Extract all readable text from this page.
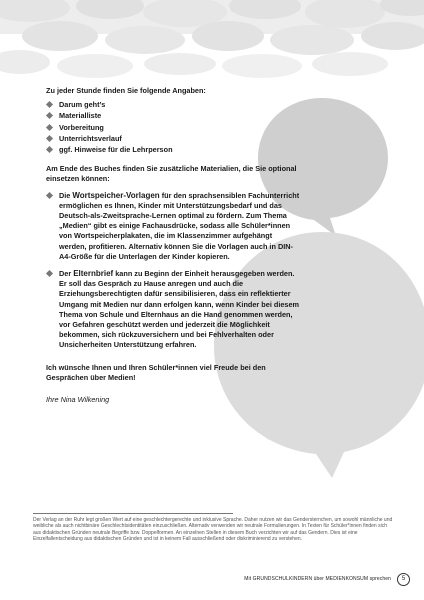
Zu jeder Stunde finden Sie folgende Angaben:

Darum geht’s
Materialliste
Vorbereitung
Unterrichtsverlauf
ggf. Hinweise für die Lehrperson

Am Ende des Buches finden Sie zusätzliche Materialien, die Sie optional einsetzen können:

Die Wortspeicher-Vorlagen für den sprachsensiblen Fachunterricht ermöglichen es Ihnen, Kinder mit Unterstützungsbedarf und das Deutsch-als-Zweitsprache-Lernen optimal zu fördern. Zum Thema „Medien“ gibt es einige Fachausdrücke, sodass alle Schüler*innen von Wortspeicherplakaten, die im Klassenzimmer aufgehängt werden, profitieren. Alternativ können Sie die Vorlagen auch in DIN-A4-Größe für die Unterlagen der Kinder kopieren.
Der Elternbrief kann zu Beginn der Einheit herausgegeben werden. Er soll das Gespräch zu Hause anregen und auch die Erziehungsberechtigten dafür sensibilisieren, dass ein reflektierter Umgang mit Medien nur dann erfolgen kann, wenn Kinder bei diesem Thema von Schule und Elternhaus an die Hand genommen werden, vor Gefahren geschützt werden und jederzeit die Möglichkeit bekommen, sich rückzuversichern und bei Fehlverhalten oder Unsicherheiten Unterstützung erfahren.

Ich wünsche Ihnen und Ihren Schüler*innen viel Freude bei den Gesprächen über Medien!

Ihre Nina Wilkening

Der Verlag an der Ruhr legt großen Wert auf eine geschlechtergerechte und inklusive Sprache. Daher nutzen wir das Gendersternchen, um sowohl männliche und weibliche als auch nichtbinäre Geschlechtsidentitäten einzuschließen. Alternativ verwenden wir neutrale Formulierungen. In Texten für Schüler*innen finden sich aus didaktischen Gründen neutrale Begriffe bzw. Doppelformen. An einzelnen Stellen in diesem Buch verzichten wir auf das Gendern. Dies ist eine Einzelfallentscheidung aus didaktischen Gründen und ist in keinem Fall ausschließend oder diskriminierend zu verstehen.
Mit GRUNDSCHULKINDERN über MEDIENKONSUM sprechen	5
